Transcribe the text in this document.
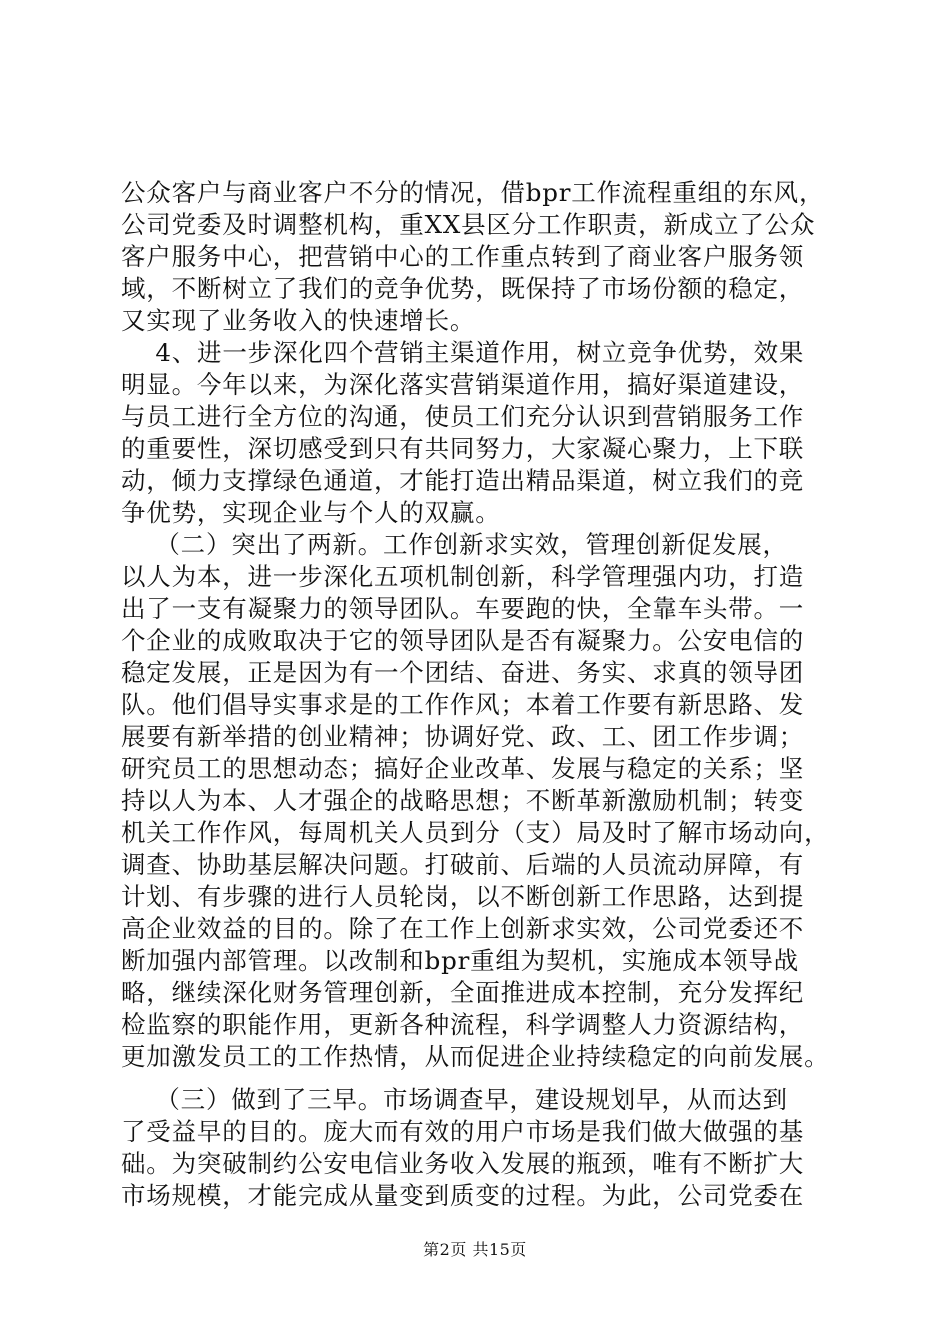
公众客户与商业客户不分的情况，借bpr工作流程重组的东风，
公司党委及时调整机构，重XX县区分工作职责，新成立了公众
客户服务中心，把营销中心的工作重点转到了商业客户服务领
域，不断树立了我们的竞争优势，既保持了市场份额的稳定，
又实现了业务收入的快速增长。
4、进一步深化四个营销主渠道作用，树立竞争优势，效果
明显。今年以来，为深化落实营销渠道作用，搞好渠道建设，
与员工进行全方位的沟通，使员工们充分认识到营销服务工作
的重要性，深切感受到只有共同努力，大家凝心聚力，上下联
动，倾力支撑绿色通道，才能打造出精品渠道，树立我们的竞
争优势，实现企业与个人的双赢。
（二）突出了两新。工作创新求实效，管理创新促发展，
以人为本，进一步深化五项机制创新，科学管理强内功，打造
出了一支有凝聚力的领导团队。车要跑的快，全靠车头带。一
个企业的成败取决于它的领导团队是否有凝聚力。公安电信的
稳定发展，正是因为有一个团结、奋进、务实、求真的领导团
队。他们倡导实事求是的工作作风；本着工作要有新思路、发
展要有新举措的创业精神；协调好党、政、工、团工作步调；
研究员工的思想动态；搞好企业改革、发展与稳定的关系；坚
持以人为本、人才强企的战略思想；不断革新激励机制；转变
机关工作作风，每周机关人员到分（支）局及时了解市场动向，
调查、协助基层解决问题。打破前、后端的人员流动屏障，有
计划、有步骤的进行人员轮岗，以不断创新工作思路，达到提
高企业效益的目的。除了在工作上创新求实效，公司党委还不
断加强内部管理。以改制和bpr重组为契机，实施成本领导战
略，继续深化财务管理创新，全面推进成本控制，充分发挥纪
检监察的职能作用，更新各种流程，科学调整人力资源结构，
更加激发员工的工作热情，从而促进企业持续稳定的向前发展。
（三）做到了三早。市场调查早，建设规划早，从而达到
了受益早的目的。庞大而有效的用户市场是我们做大做强的基
础。为突破制约公安电信业务收入发展的瓶颈，唯有不断扩大
市场规模，才能完成从量变到质变的过程。为此，公司党委在
第2页 共15页
